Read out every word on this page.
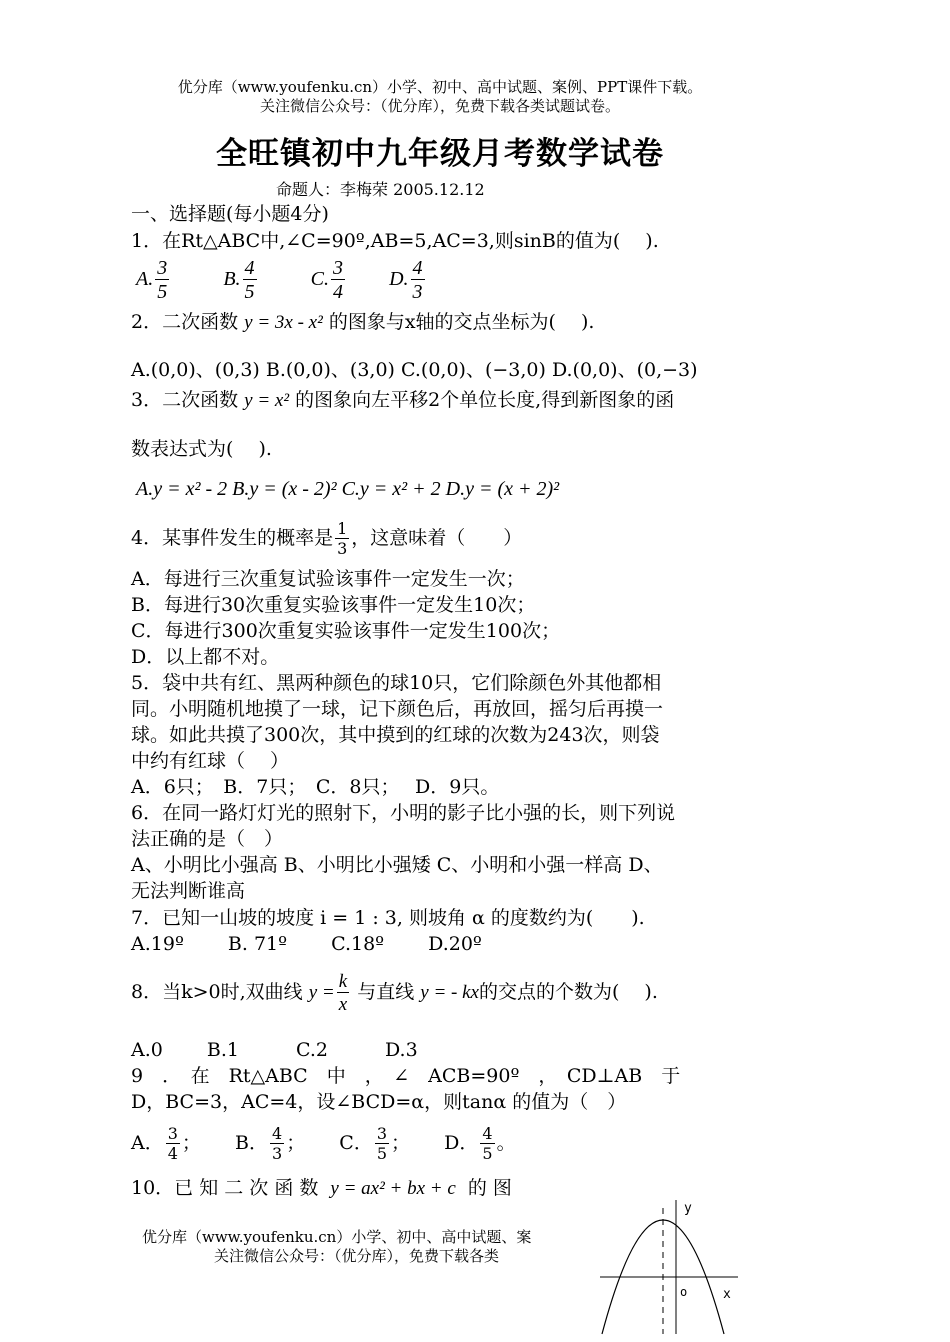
优分库（www.youfenku.cn）小学、初中、高中试题、案例、PPT课件下载。
关注微信公众号：（优分库），免费下载各类试题试卷。
全旺镇初中九年级月考数学试卷
命题人：李梅荣 2005.12.12
一、选择题(每小题4分)
1．在Rt△ABC中,∠C=90º,AB=5,AC=3,则sinB的值为(　 ).
A. $\frac{3}{5}$	B. $\frac{4}{5}$	C. $\frac{3}{4} D$. $\frac{4}{3}$
2．二次函数 y = 3x - x² 的图象与x轴的交点坐标为(　 ).
A.(0,0)、(0,3) B.(0,0)、(3,0) C.(0,0)、(−3,0) D.(0,0)、(0,−3)
3．二次函数 y = x² 的图象向左平移2个单位长度,得到新图象的函
数表达式为(　 ).
A.y = x² - 2 B.y = (x - 2)² C.y = x² + 2 D.y = (x + 2)²
4．某事件发生的概率是 $\frac{1}{3}$ ，这意味着（　　）
A．每进行三次重复试验该事件一定发生一次；
B．每进行30次重复实验该事件一定发生10次；
C．每进行300次重复实验该事件一定发生100次；
D．以上都不对。
5．袋中共有红、黑两种颜色的球10只，它们除颜色外其他都相
同。小明随机地摸了一球，记下颜色后，再放回，摇匀后再摸一
球。如此共摸了300次，其中摸到的红球的次数为243次，则袋
中约有红球（　 ）
A．6只；　B．7只；　C．8只；　 D．9只。
6．在同一路灯灯光的照射下，小明的影子比小强的长，则下列说
法正确的是（　）
A、小明比小强高 B、小明比小强矮 C、小明和小强一样高 D、
无法判断谁高
7．已知一山坡的坡度 i = 1 : 3, 则坡角 α 的度数约为(　　).
A.19º　　 B. 71º　　 C.18º　　 D.20º
8．当k>0时,双曲线 $y = \frac{k}{x}$ 与直线 y = - kx的交点的个数为(　 ).
A.0　　 B.1　　　C.2　　　D.3
9　．　在　Rt△ABC　中　，　∠　ACB=90º　，　CD⊥AB　于
D，BC=3，AC=4，设∠BCD=α，则tanα 的值为（　）
A． $\frac{3}{4}$ ； B． $\frac{4}{3}$ ； C． $\frac{3}{5}$ ； D． $\frac{4}{5}$ 。
10．已 知 二 次 函 数 y = ax² + bx + c 的 图
优分库（www.youfenku.cn）小学、初中、高中试题、案
关注微信公众号：（优分库），免费下载各类
y
x
o
